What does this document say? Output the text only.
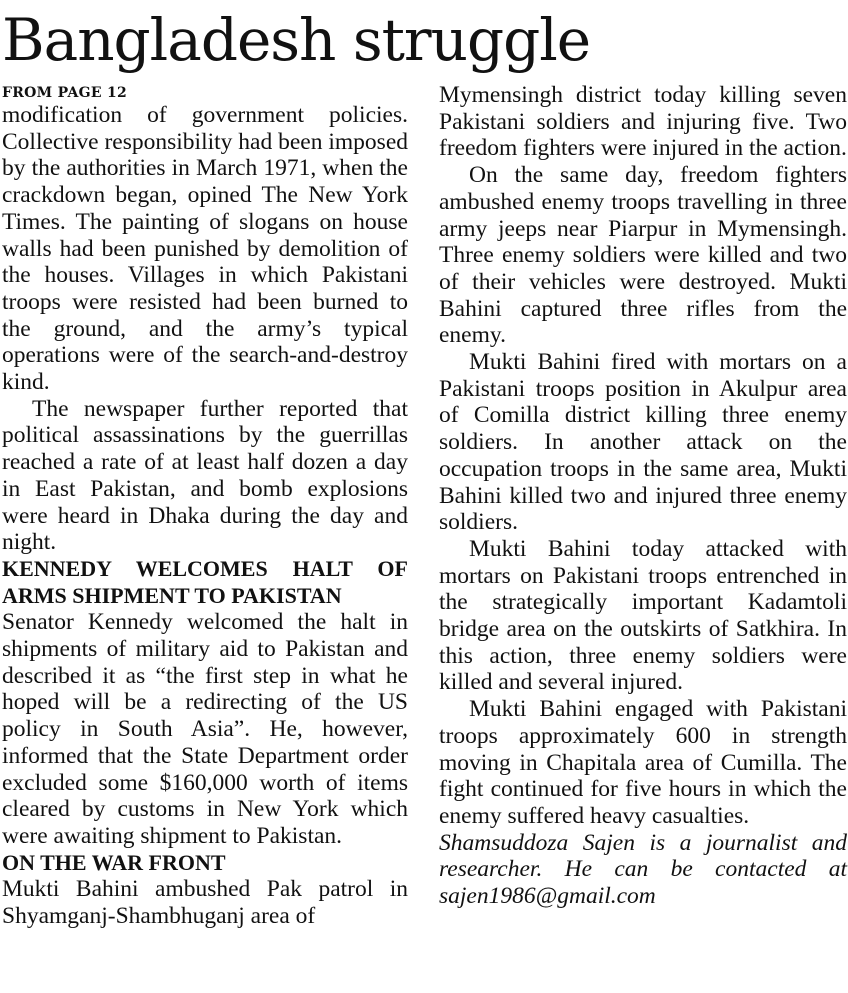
Bangladesh struggle
FROM PAGE 12

modification of government policies. Collective responsibility had been imposed by the authorities in March 1971, when the crackdown began, opined The New York Times. The painting of slogans on house walls had been punished by demolition of the houses. Villages in which Pakistani troops were resisted had been burned to the ground, and the army’s typical operations were of the search-and-destroy kind.

The newspaper further reported that political assassinations by the guerrillas reached a rate of at least half dozen a day in East Pakistan, and bomb explosions were heard in Dhaka during the day and night.

KENNEDY WELCOMES HALT OF ARMS SHIPMENT TO PAKISTAN

Senator Kennedy welcomed the halt in shipments of military aid to Pakistan and described it as “the first step in what he hoped will be a redirecting of the US policy in South Asia”. He, however, informed that the State Department order excluded some $160,000 worth of items cleared by customs in New York which were awaiting shipment to Pakistan.

ON THE WAR FRONT

Mukti Bahini ambushed Pak patrol in Shyamganj-Shambhuganj area of

Mymensingh district today killing seven Pakistani soldiers and injuring five. Two freedom fighters were injured in the action.

On the same day, freedom fighters ambushed enemy troops travelling in three army jeeps near Piarpur in Mymensingh. Three enemy soldiers were killed and two of their vehicles were destroyed. Mukti Bahini captured three rifles from the enemy.

Mukti Bahini fired with mortars on a Pakistani troops position in Akulpur area of Comilla district killing three enemy soldiers. In another attack on the occupation troops in the same area, Mukti Bahini killed two and injured three enemy soldiers.

Mukti Bahini today attacked with mortars on Pakistani troops entrenched in the strategically important Kadamtoli bridge area on the outskirts of Satkhira. In this action, three enemy soldiers were killed and several injured.

Mukti Bahini engaged with Pakistani troops approximately 600 in strength moving in Chapitala area of Cumilla. The fight continued for five hours in which the enemy suffered heavy casualties.

Shamsuddoza Sajen is a journalist and researcher. He can be contacted at sajen1986@gmail.com
